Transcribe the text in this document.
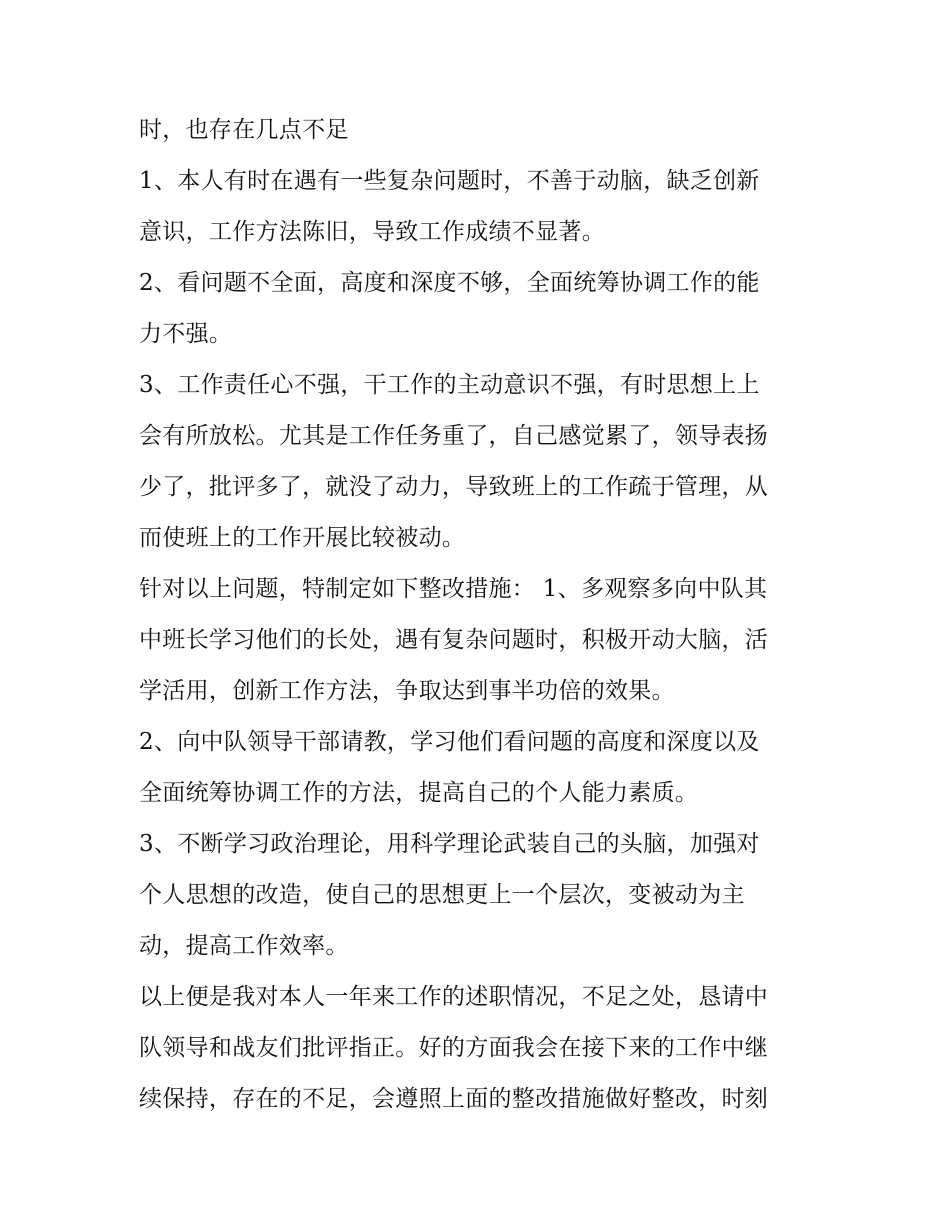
时，也存在几点不足
1、本人有时在遇有一些复杂问题时，不善于动脑，缺乏创新
意识，工作方法陈旧，导致工作成绩不显著。
2、看问题不全面，高度和深度不够，全面统筹协调工作的能
力不强。
3、工作责任心不强，干工作的主动意识不强，有时思想上上
会有所放松。尤其是工作任务重了，自己感觉累了，领导表扬
少了，批评多了，就没了动力，导致班上的工作疏于管理，从
而使班上的工作开展比较被动。
针对以上问题，特制定如下整改措施： 1、多观察多向中队其
中班长学习他们的长处，遇有复杂问题时，积极开动大脑，活
学活用，创新工作方法，争取达到事半功倍的效果。
2、向中队领导干部请教，学习他们看问题的高度和深度以及
全面统筹协调工作的方法，提高自己的个人能力素质。
3、不断学习政治理论，用科学理论武装自己的头脑，加强对
个人思想的改造，使自己的思想更上一个层次，变被动为主
动，提高工作效率。
以上便是我对本人一年来工作的述职情况，不足之处，恳请中
队领导和战友们批评指正。好的方面我会在接下来的工作中继
续保持，存在的不足，会遵照上面的整改措施做好整改，时刻
